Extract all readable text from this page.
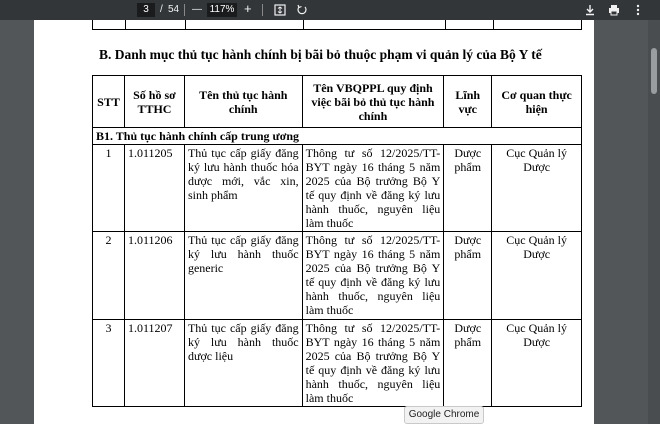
3	/ 54 — 117% +
B. Danh mục thủ tục hành chính bị bãi bỏ thuộc phạm vi quản lý của Bộ Y tế
STT	Số hồ sơ TTHC	Tên thủ tục hành chính	Tên VBQPPL quy định việc bãi bỏ thủ tục hành chính	Lĩnh vực	Cơ quan thực hiện
B1. Thủ tục hành chính cấp trung ương					
1	1.011205	Thủ tục cấp giấy đăng ký lưu hành thuốc hóa dược mới, vắc xin, sinh phẩm	Thông tư số 12/2025/TT-BYT ngày 16 tháng 5 năm 2025 của Bộ trưởng Bộ Y tế quy định về đăng ký lưu hành thuốc, nguyên liệu làm thuốc	Dược phẩm	Cục Quản lý Dược
2	1.011206	Thủ tục cấp giấy đăng ký lưu hành thuốc generic	Thông tư số 12/2025/TT-BYT ngày 16 tháng 5 năm 2025 của Bộ trưởng Bộ Y tế quy định về đăng ký lưu hành thuốc, nguyên liệu làm thuốc	Dược phẩm	Cục Quản lý Dược
3	1.011207	Thủ tục cấp giấy đăng ký lưu hành thuốc dược liệu	Thông tư số 12/2025/TT-BYT ngày 16 tháng 5 năm 2025 của Bộ trưởng Bộ Y tế quy định về đăng ký lưu hành thuốc, nguyên liệu làm thuốc	Dược phẩm	Cục Quản lý Dược
Google Chrome
